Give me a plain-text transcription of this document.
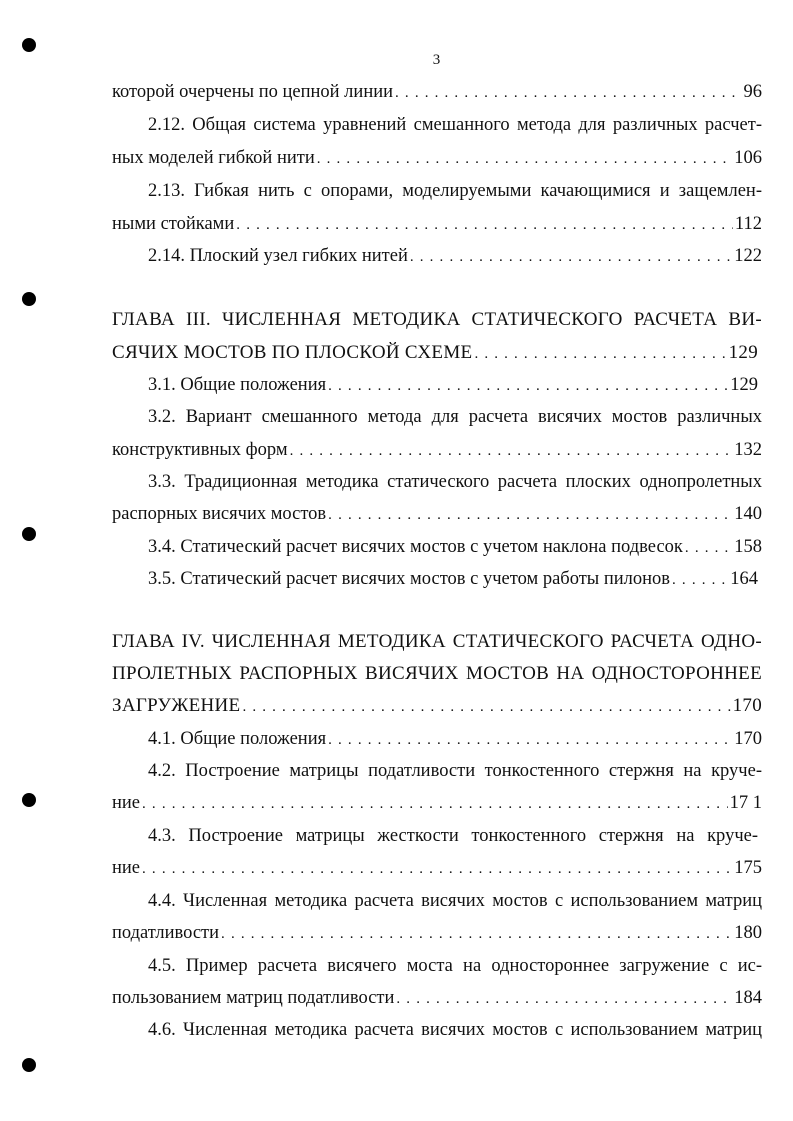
3
которой очерчены по цепной линии . . .	96
2.12. Общая система уравнений смешанного метода для различных расчет-
ных моделей гибкой нити . . .	106
2.13. Гибкая нить с опорами, моделируемыми качающимися и защемлен-
ными стойками . . .	112
2.14. Плоский узел гибких нитей . . .	122
ГЛАВА III. ЧИСЛЕННАЯ МЕТОДИКА СТАТИЧЕСКОГО РАСЧЕТА ВИ-
СЯЧИХ МОСТОВ ПО ПЛОСКОЙ СХЕМЕ . . .	129
3.1. Общие положения . . .	129
3.2. Вариант смешанного метода для расчета висячих мостов различных
конструктивных форм . . .	132
3.3. Традиционная методика статического расчета плоских однопролетных
распорных висячих мостов . . .	140
3.4. Статический расчет висячих мостов с учетом наклона подвесок . . .	158
3.5. Статический расчет висячих мостов с учетом работы пилонов . . .	164
ГЛАВА IV. ЧИСЛЕННАЯ МЕТОДИКА СТАТИЧЕСКОГО РАСЧЕТА ОДНО-
ПРОЛЕТНЫХ РАСПОРНЫХ ВИСЯЧИХ МОСТОВ НА ОДНОСТОРОННЕЕ
ЗАГРУЖЕНИЕ . . .	170
4.1. Общие положения . . .	170
4.2. Построение матрицы податливости тонкостенного стержня на круче-
ние . . .	17 1
4.3. Построение матрицы жесткости тонкостенного стержня на круче-
ние . . .	175
4.4. Численная методика расчета висячих мостов с использованием матриц
податливости . . .	180
4.5. Пример расчета висячего моста на одностороннее загружение с ис-
пользованием матриц податливости . . .	184
4.6. Численная методика расчета висячих мостов с использованием матриц
